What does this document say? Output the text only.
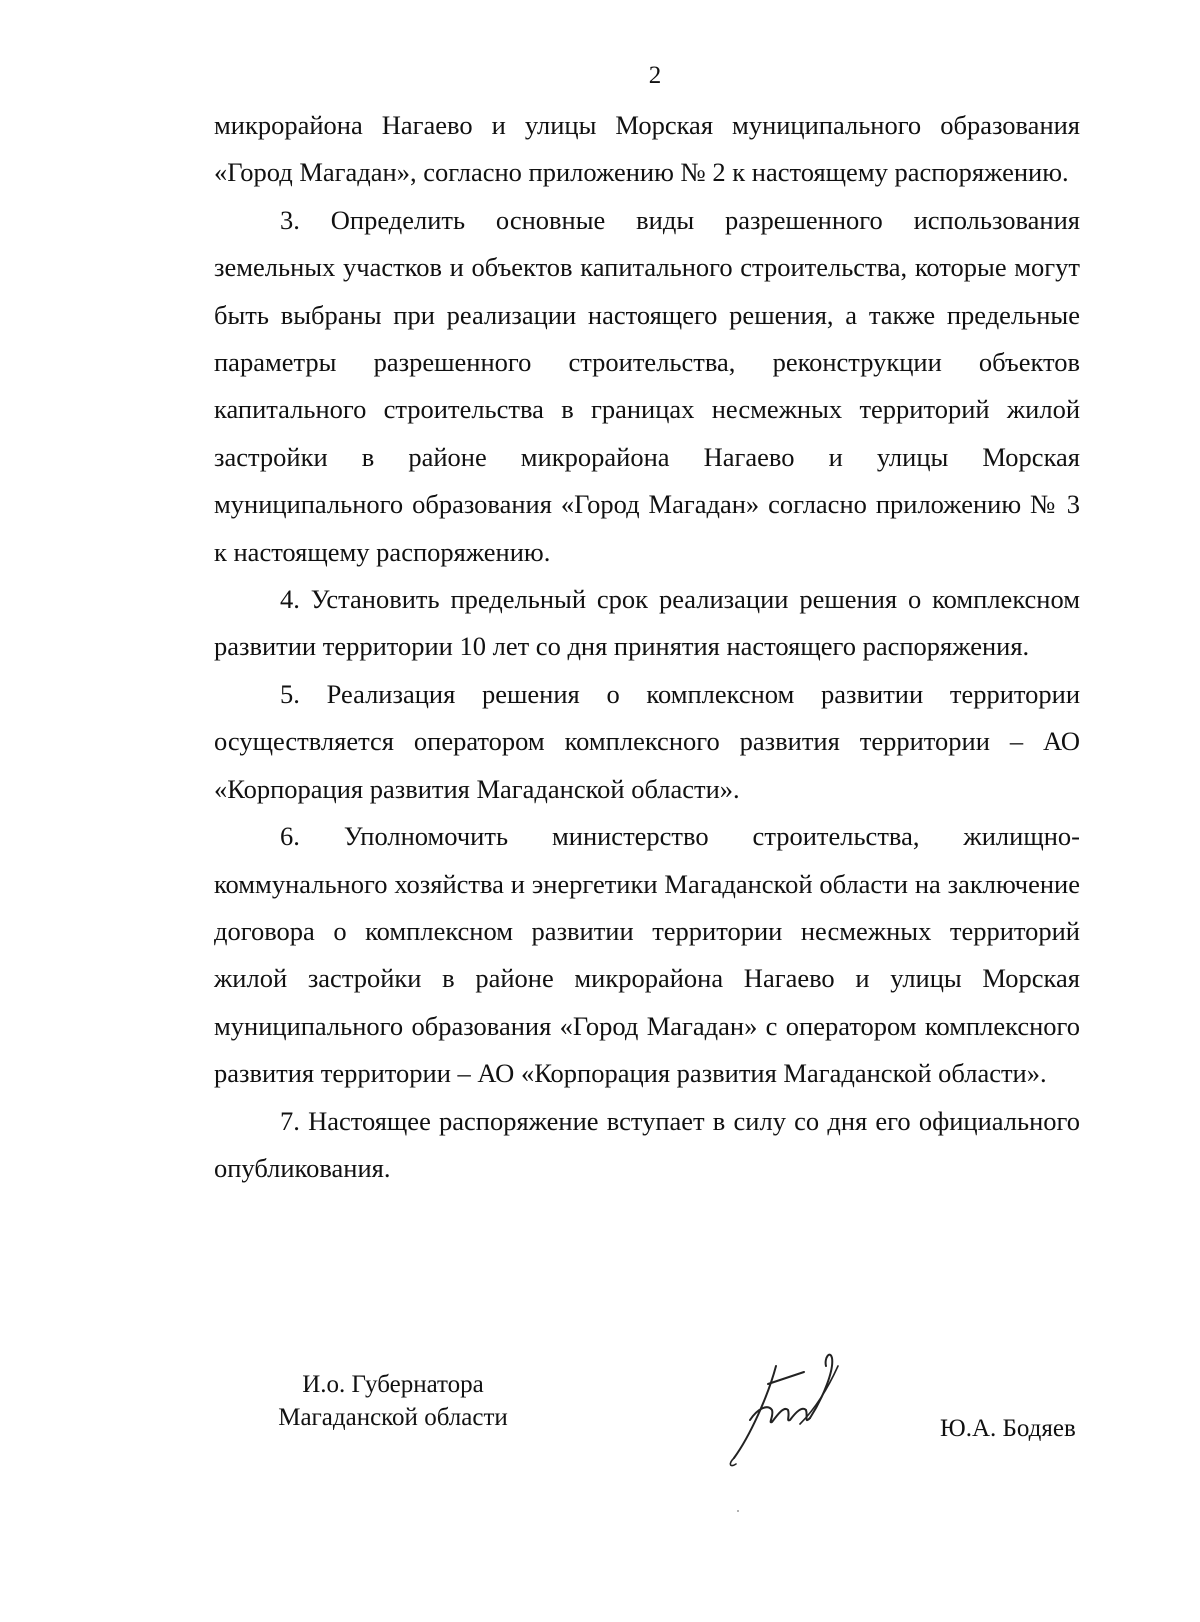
2

микрорайона Нагаево и улицы Морская муниципального образования «Город Магадан», согласно приложению № 2 к настоящему распоряжению.

3. Определить основные виды разрешенного использования земельных участков и объектов капитального строительства, которые могут быть выбраны при реализации настоящего решения, а также предельные параметры разрешенного строительства, реконструкции объектов капитального строительства в границах несмежных территорий жилой застройки в районе микрорайона Нагаево и улицы Морская муниципального образования «Город Магадан» согласно приложению № 3 к настоящему распоряжению.

4. Установить предельный срок реализации решения о комплексном развитии территории 10 лет со дня принятия настоящего распоряжения.

5. Реализация решения о комплексном развитии территории осуществляется оператором комплексного развития территории – АО «Корпорация развития Магаданской области».

6. Уполномочить министерство строительства, жилищно-коммунального хозяйства и энергетики Магаданской области на заключение договора о комплексном развитии территории несмежных территорий жилой застройки в районе микрорайона Нагаево и улицы Морская муниципального образования «Город Магадан» с оператором комплексного развития территории – АО «Корпорация развития Магаданской области».

7. Настоящее распоряжение вступает в силу со дня его официального опубликования.

И.о. Губернатора
Магаданской области	Ю.А. Бодяев
